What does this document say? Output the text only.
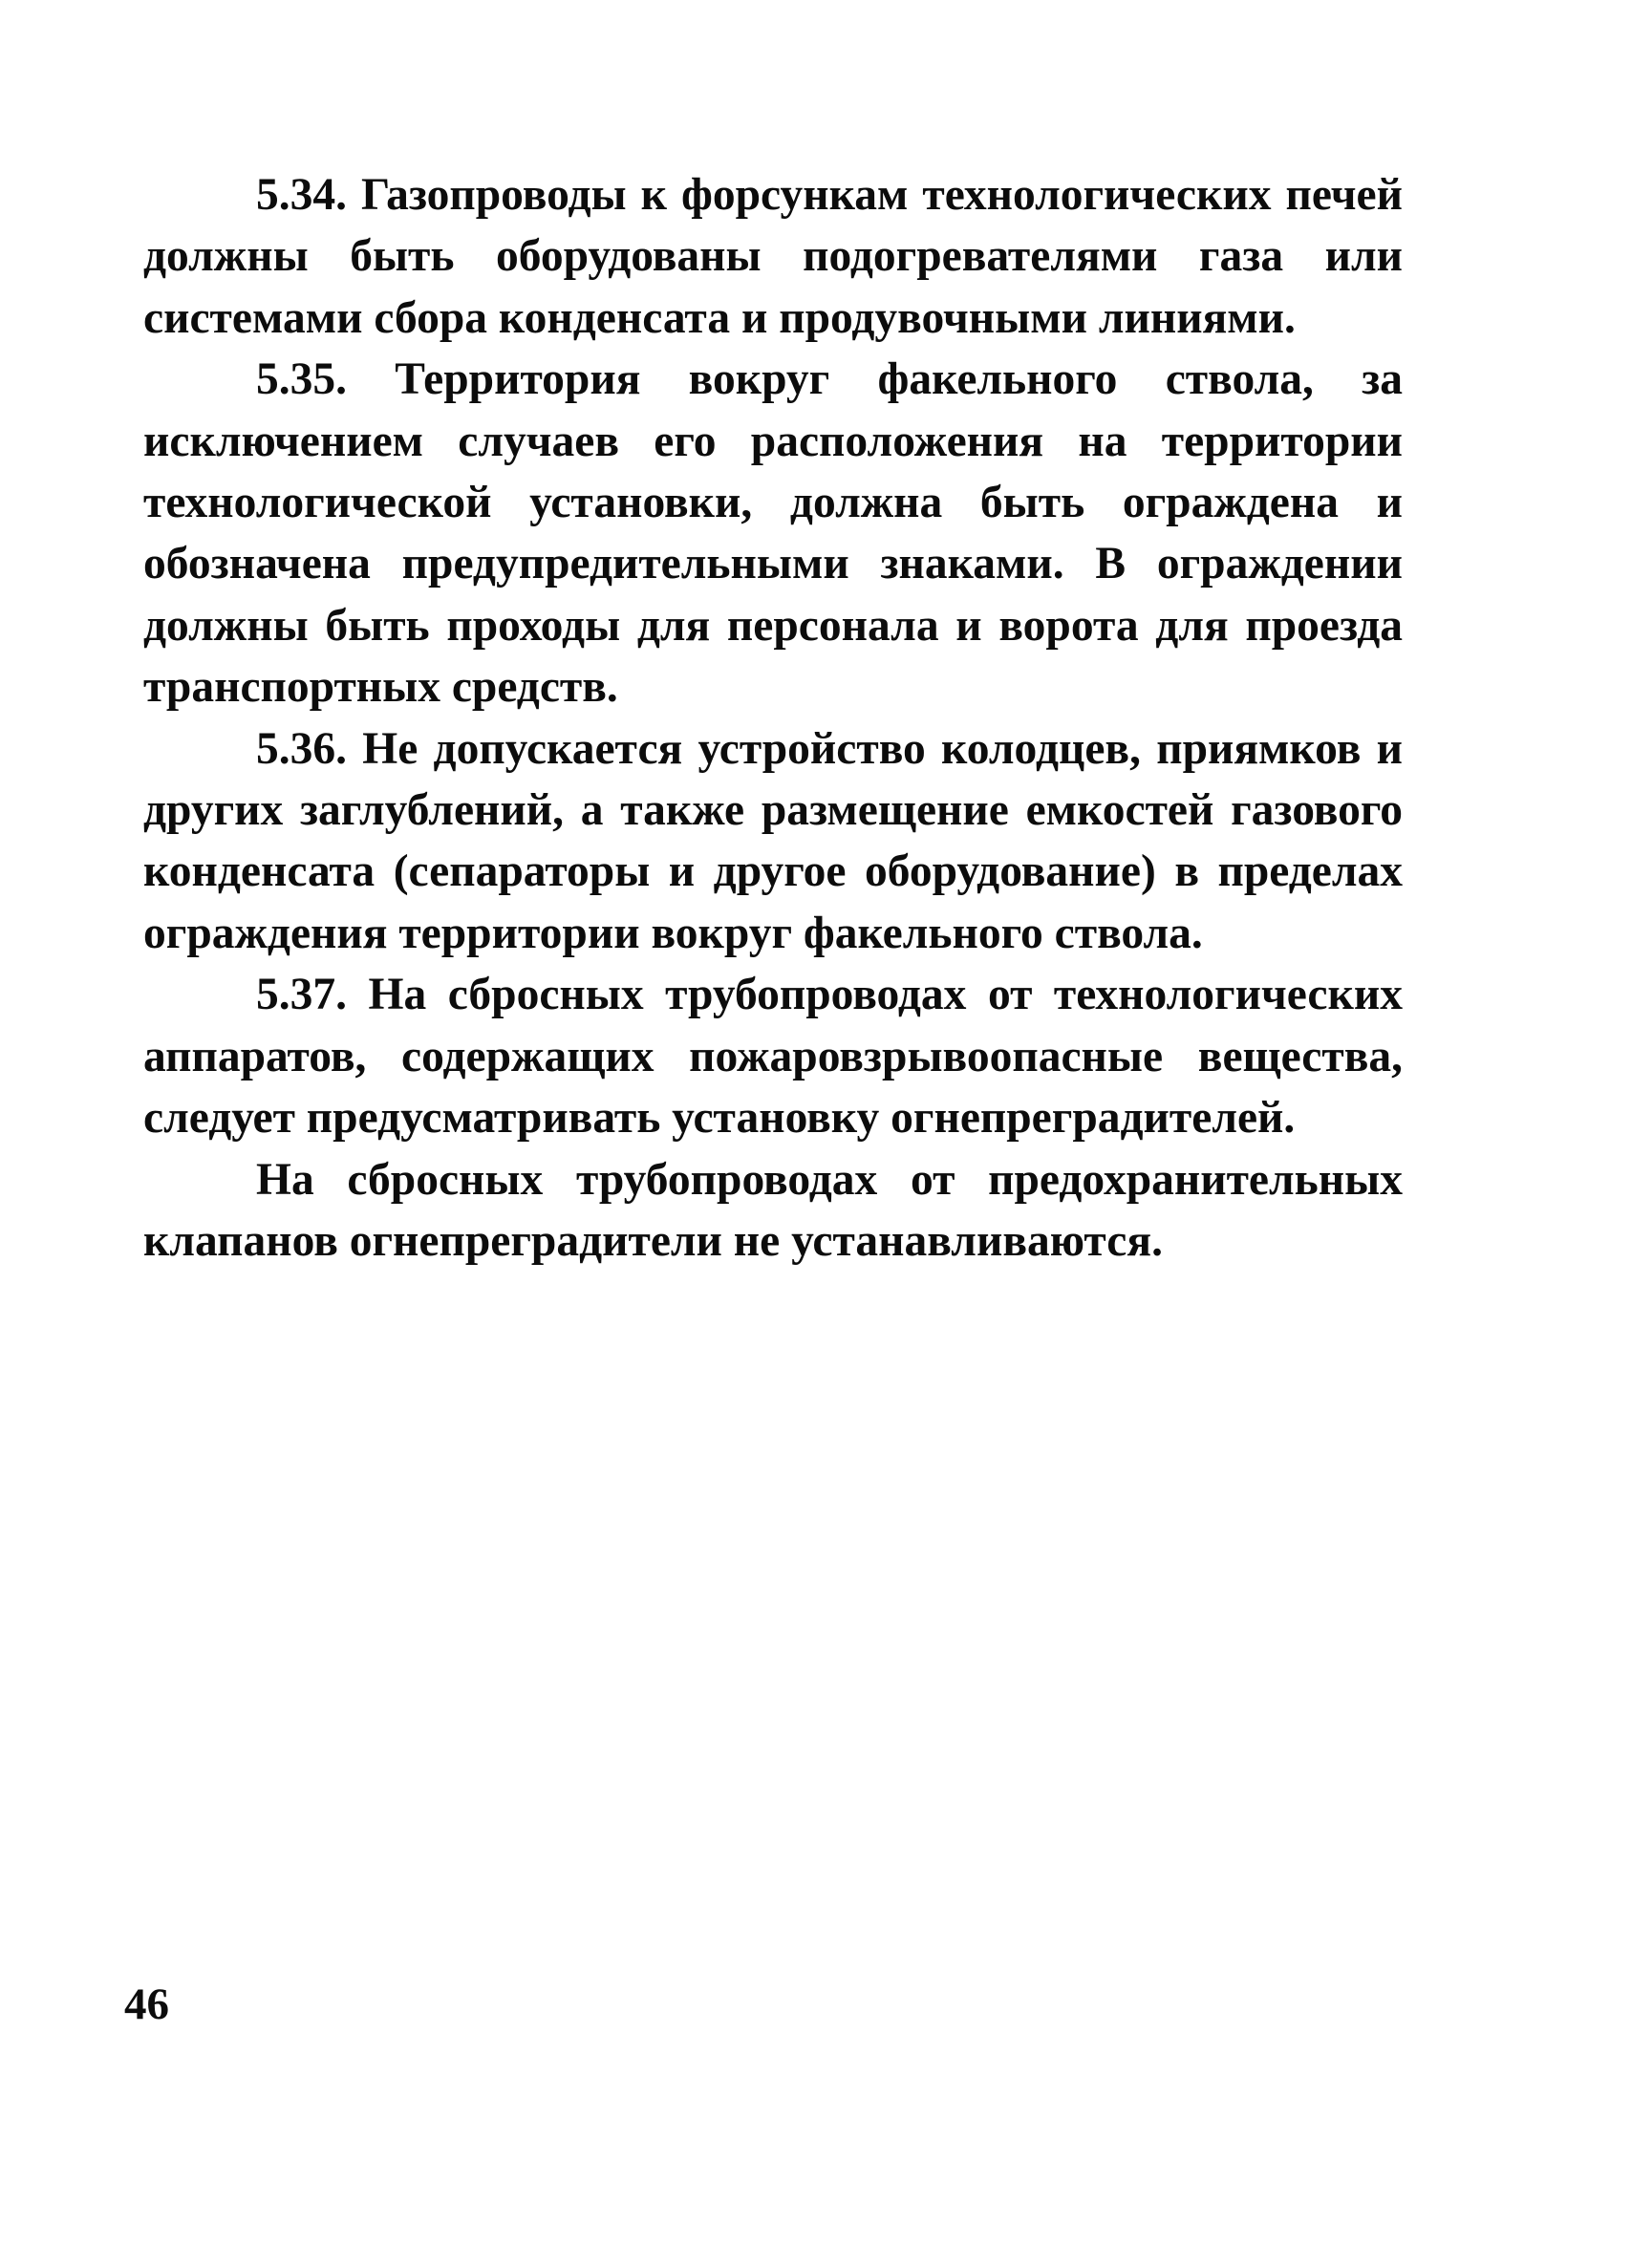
5.34. Газопроводы к форсункам технологических печей должны быть оборудованы подогревателями газа или системами сбора конденсата и продувочными линиями.

5.35. Территория вокруг факельного ствола, за исключением случаев его расположения на территории технологической установки, должна быть ограждена и обозначена предупредительными знаками. В ограждении должны быть проходы для персонала и ворота для проезда транспортных средств.

5.36. Не допускается устройство колодцев, приямков и других заглублений, а также размещение емкостей газового конденсата (сепараторы и другое оборудование) в пределах ограждения территории вокруг факельного ствола.

5.37. На сбросных трубопроводах от технологических аппаратов, содержащих пожаровзрывоопасные вещества, следует предусматривать установку огнепреградителей.

На сбросных трубопроводах от предохранительных клапанов огнепреградители не устанавливаются.

46
